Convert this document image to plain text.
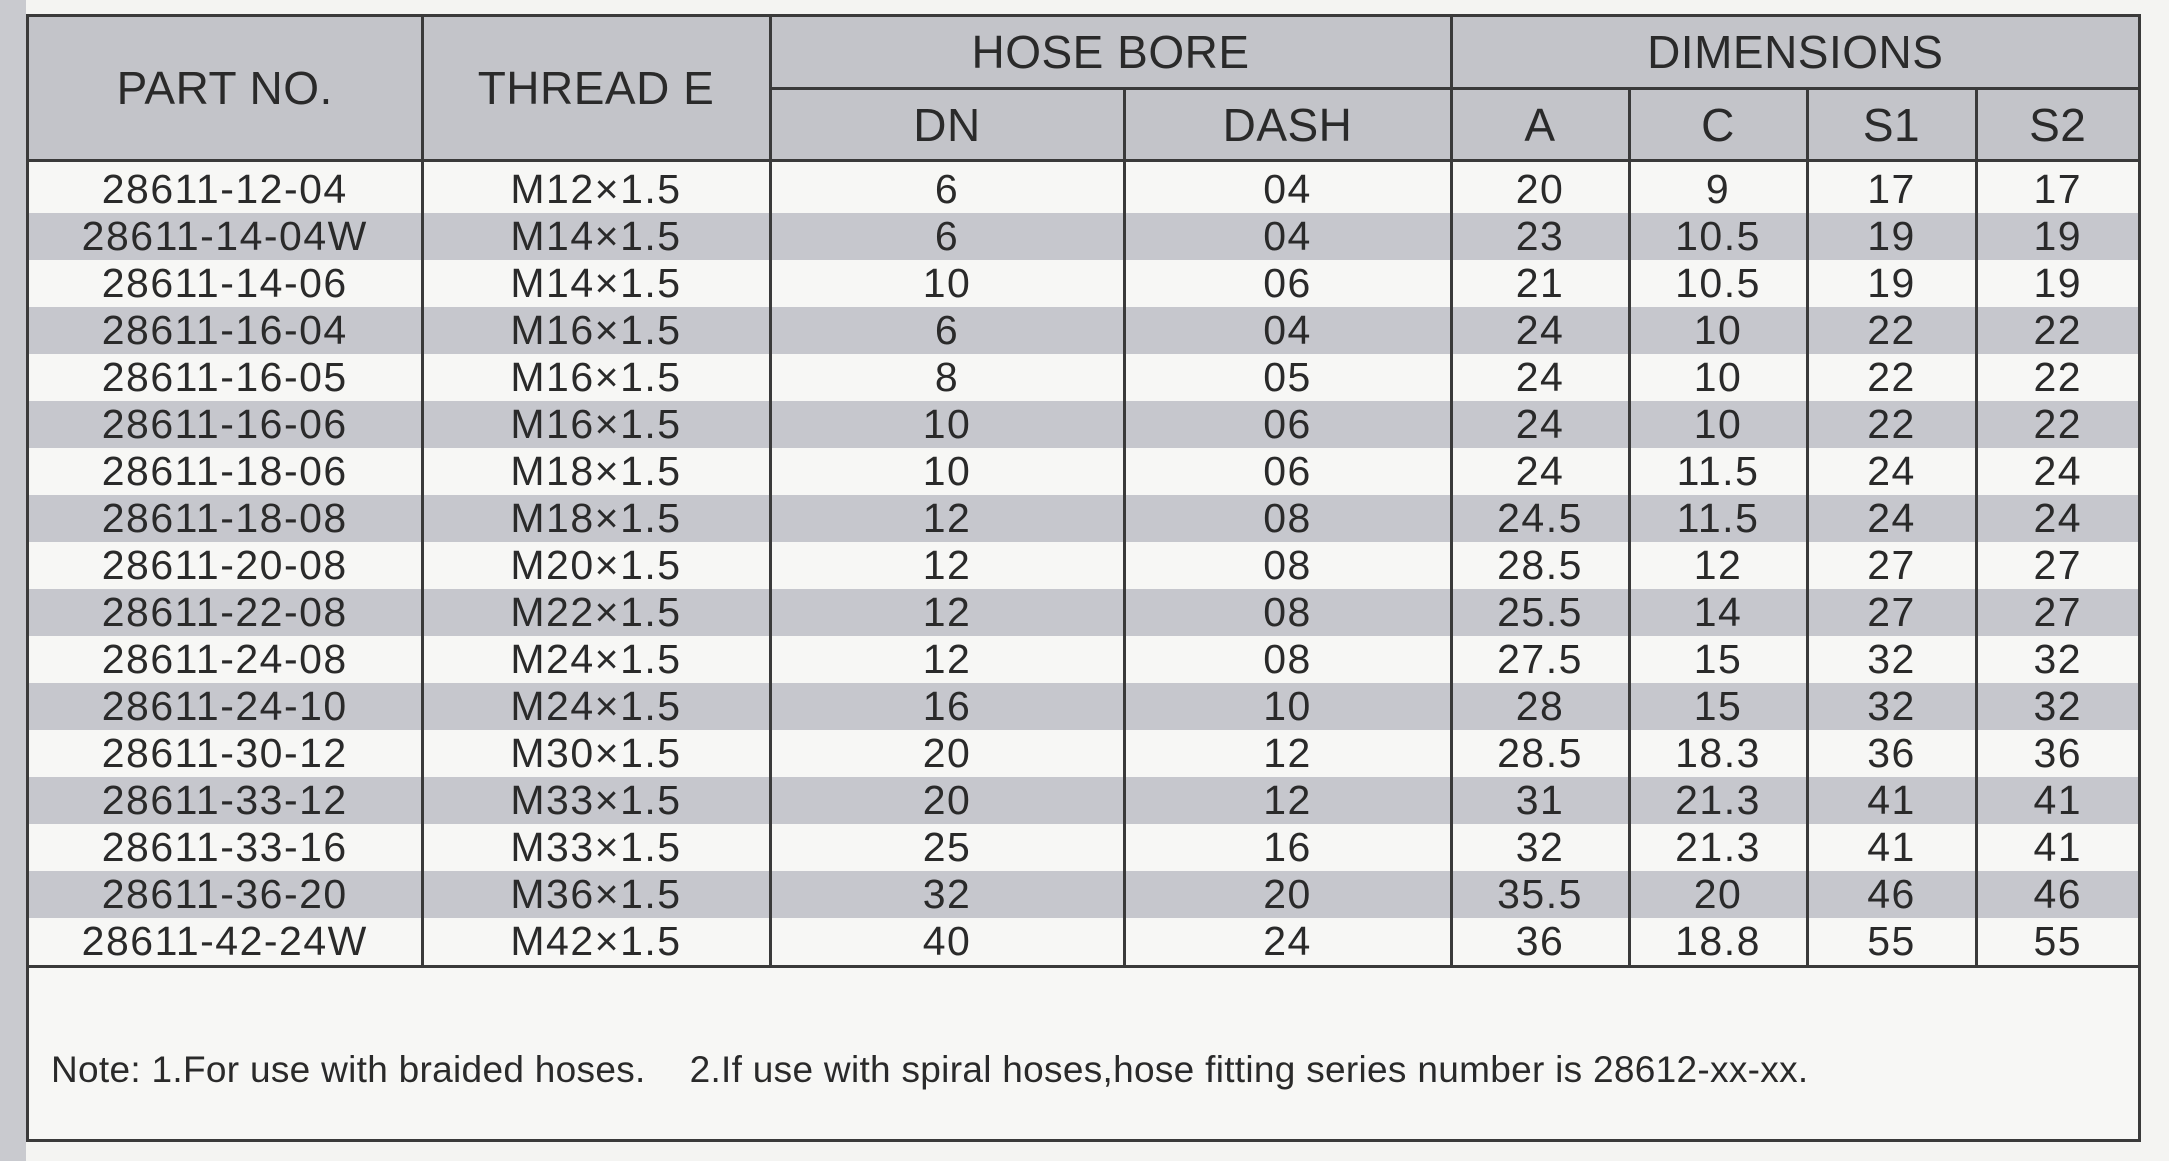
PART NO.	THREAD E	HOSE BORE		DIMENSIONS			
		DN	DASH	A	C	S1	S2
28611-12-04	M12×1.5	6	04	20	9	17	17
28611-14-04W	M14×1.5	6	04	23	10.5	19	19
28611-14-06	M14×1.5	10	06	21	10.5	19	19
28611-16-04	M16×1.5	6	04	24	10	22	22
28611-16-05	M16×1.5	8	05	24	10	22	22
28611-16-06	M16×1.5	10	06	24	10	22	22
28611-18-06	M18×1.5	10	06	24	11.5	24	24
28611-18-08	M18×1.5	12	08	24.5	11.5	24	24
28611-20-08	M20×1.5	12	08	28.5	12	27	27
28611-22-08	M22×1.5	12	08	25.5	14	27	27
28611-24-08	M24×1.5	12	08	27.5	15	32	32
28611-24-10	M24×1.5	16	10	28	15	32	32
28611-30-12	M30×1.5	20	12	28.5	18.3	36	36
28611-33-12	M33×1.5	20	12	31	21.3	41	41
28611-33-16	M33×1.5	25	16	32	21.3	41	41
28611-36-20	M36×1.5	32	20	35.5	20	46	46
28611-42-24W	M42×1.5	40	24	36	18.8	55	55
Note: 1.For use with braided hoses. 2.If use with spiral hoses,hose fitting series number is 28612-xx-xx.
